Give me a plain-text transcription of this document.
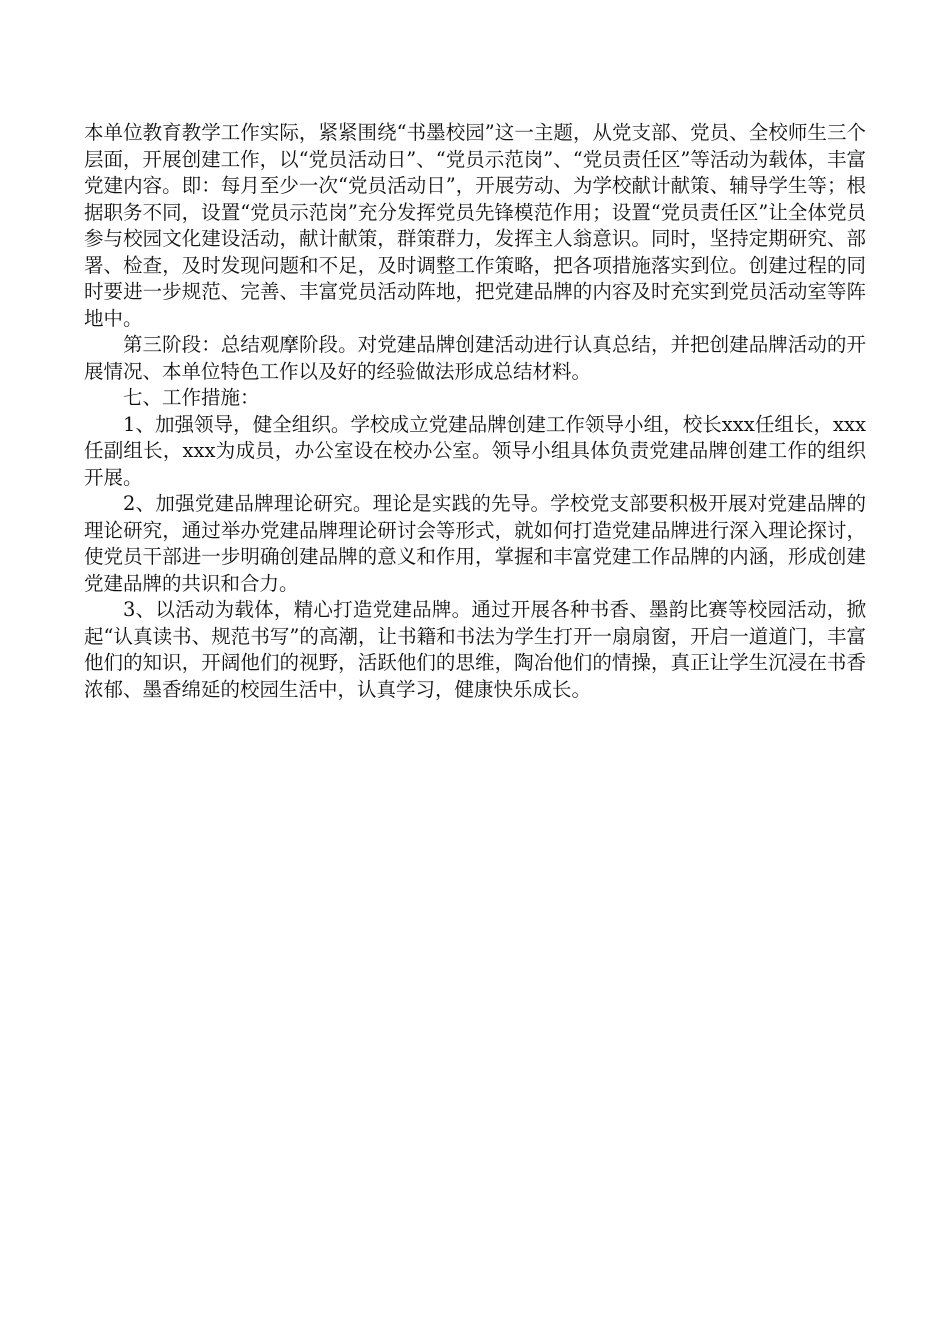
本单位教育教学工作实际，紧紧围绕“书墨校园”这一主题，从党支部、党员、全校师生三个层面，开展创建工作，以“党员活动日”、“党员示范岗”、“党员责任区”等活动为载体，丰富党建内容。即：每月至少一次“党员活动日”，开展劳动、为学校献计献策、辅导学生等；根据职务不同，设置“党员示范岗”充分发挥党员先锋模范作用；设置“党员责任区”让全体党员参与校园文化建设活动，献计献策，群策群力，发挥主人翁意识。同时，坚持定期研究、部署、检查，及时发现问题和不足，及时调整工作策略，把各项措施落实到位。创建过程的同时要进一步规范、完善、丰富党员活动阵地，把党建品牌的内容及时充实到党员活动室等阵地中。

第三阶段：总结观摩阶段。对党建品牌创建活动进行认真总结，并把创建品牌活动的开展情况、本单位特色工作以及好的经验做法形成总结材料。

七、工作措施：

1、加强领导，健全组织。学校成立党建品牌创建工作领导小组，校长xxx任组长，xxx任副组长，xxx为成员，办公室设在校办公室。领导小组具体负责党建品牌创建工作的组织开展。

2、加强党建品牌理论研究。理论是实践的先导。学校党支部要积极开展对党建品牌的理论研究，通过举办党建品牌理论研讨会等形式，就如何打造党建品牌进行深入理论探讨，使党员干部进一步明确创建品牌的意义和作用，掌握和丰富党建工作品牌的内涵，形成创建党建品牌的共识和合力。

3、以活动为载体，精心打造党建品牌。通过开展各种书香、墨韵比赛等校园活动，掀起“认真读书、规范书写”的高潮，让书籍和书法为学生打开一扇扇窗，开启一道道门，丰富他们的知识，开阔他们的视野，活跃他们的思维，陶冶他们的情操，真正让学生沉浸在书香浓郁、墨香绵延的校园生活中，认真学习，健康快乐成长。
